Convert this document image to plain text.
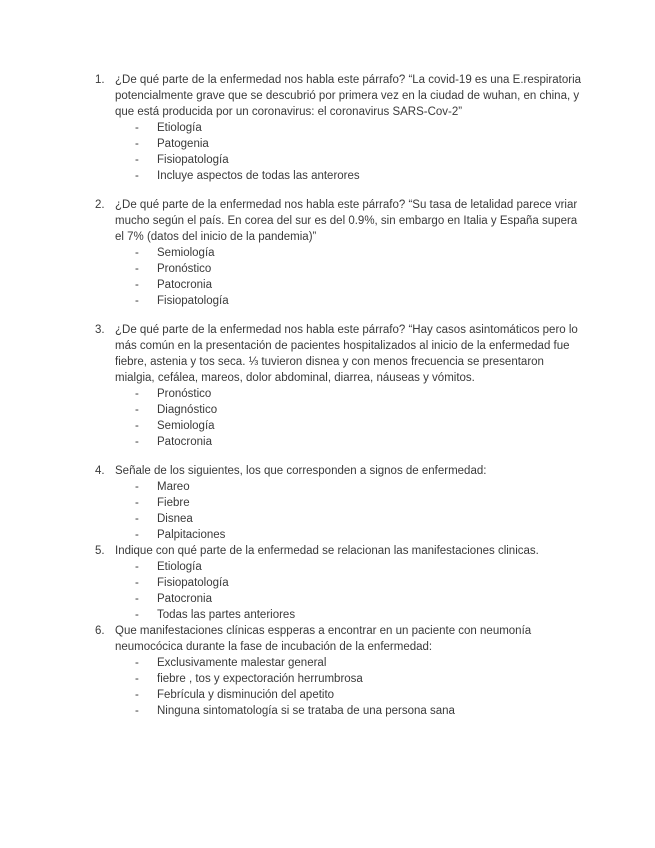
1. ¿De qué parte de la enfermedad nos habla este párrafo? “La covid-19 es una E.respiratoria potencialmente grave que se descubrió por primera vez en la ciudad de wuhan, en china, y que está producida por un coronavirus: el coronavirus SARS-Cov-2”
-	Etiología
-	Patogenia
-	Fisiopatología
-	Incluye aspectos de todas las anterores
2. ¿De qué parte de la enfermedad nos habla este párrafo? “Su tasa de letalidad parece vriar mucho según el país. En corea del sur es del 0.9%, sin embargo en Italia y España supera el 7% (datos del inicio de la pandemia)”
-	Semiología
-	Pronóstico
-	Patocronia
-	Fisiopatología
3. ¿De qué parte de la enfermedad nos habla este párrafo? “Hay casos asintomáticos pero lo más común en la presentación de pacientes hospitalizados al inicio de la enfermedad fue fiebre, astenia y tos seca. ⅓ tuvieron disnea y con menos frecuencia se presentaron mialgia, cefálea, mareos, dolor abdominal, diarrea, náuseas y vómitos.
-	Pronóstico
-	Diagnóstico
-	Semiología
-	Patocronia
4. Señale de los siguientes, los que corresponden a signos de enfermedad:
-	Mareo
-	Fiebre
-	Disnea
-	Palpitaciones
5. Indique con qué parte de la enfermedad se relacionan las manifestaciones clinicas.
-	Etiología
-	Fisiopatología
-	Patocronia
-	Todas las partes anteriores
6. Que manifestaciones clínicas espperas a encontrar en un paciente con neumonía neumocócica durante la fase de incubación de la enfermedad:
-	Exclusivamente malestar general
-	fiebre , tos y expectoración herrumbrosa
-	Febrícula y disminución del apetito
-	Ninguna sintomatología si se trataba de una persona sana
